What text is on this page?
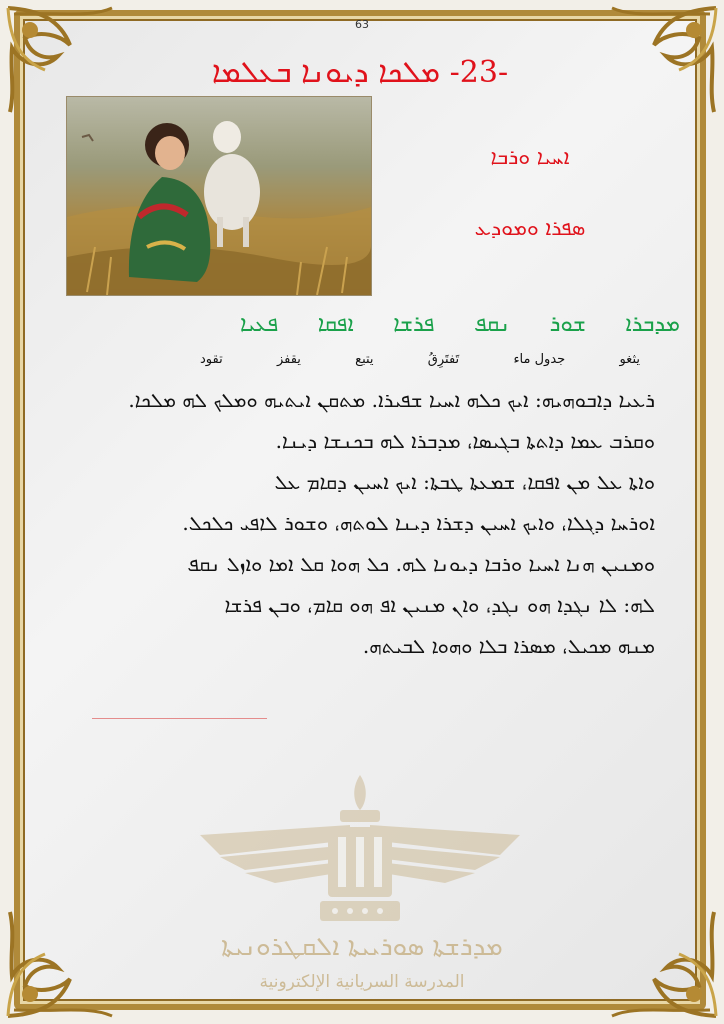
63
-23- ܡܠܟܐ ܕܝܘܢܐ ܒܥܠܡܐ
ܐܚܝܐ ܘܪܒܐ
ܣܦܪܐ ܘܡܘܕܥ
ܡܕܒܪܐ
ܫܘܪ
ܢܩܦ
ܦܪܫܐ
ܐܦܩܐ
ܦܥܝܐ
يثغو
جدول ماء
تَفتَرِقُ
يتبع
يقفز
تقود

ܪܥܝܐ ܕܐܒܘܗܝܗ: ܐܝܟ ܟܠܗ ܐܚܝܐ ܫܦܝܪܐ. ܡܬܩܢ ܐܝܬܝܗ ܘܡܠܟ ܠܗ ܡܠܟܐ.

ܘܩܪܒ ܥܡܐ ܕܐܬܬܐ ܒܓܝܣܐ، ܡܕܒܪܐ ܠܗ ܒܟܢܫܐ ܕܝܢܐ.

ܘܐܬܐ ܥܠ ܡܢ ܐܦܩܐ، ܫܡܥܬܐ ܛܒܬܐ: ܐܝܟ ܐܚܝܢ ܕܩܐܡ ܥܠ

ܐܘܪܚܐ ܕܓܠܐ، ܘܐܝܟ ܐܚܝܢ ܕܫܪܐ ܕܝܢܐ ܠܘܬܗ، ܘܫܘܪ ܠܐܦܝ ܟܠܟܠ.

ܘܡܢܝܢ ܗܢܐ ܐܚܝܐ ܘܪܒܐ ܕܝܘܢܐ ܠܗ. ܟܠ ܗܘܐ ܩܠ ܐܡܐ ܘܐܙܠ ܢܩܦ

ܠܗ: ܠܐ ܢܓܕܐ ܗܘ ܢܓܕ، ܘܐܢ ܡܢܝܢ ܐܦ ܗܘ ܩܐܡ، ܘܒܢ ܦܪܫܐ

ܡܢܗ ܡܟܝܠ، ܡܣܪܐ ܒܠܐ ܘܗܘܐ ܠܒܝܬܗ.

ܡܕܪܫܬܐ ܣܘܪܝܝܬܐ ܐܠܩܛܪܘܢܝܬܐ
المدرسة السريانية الإلكترونية
